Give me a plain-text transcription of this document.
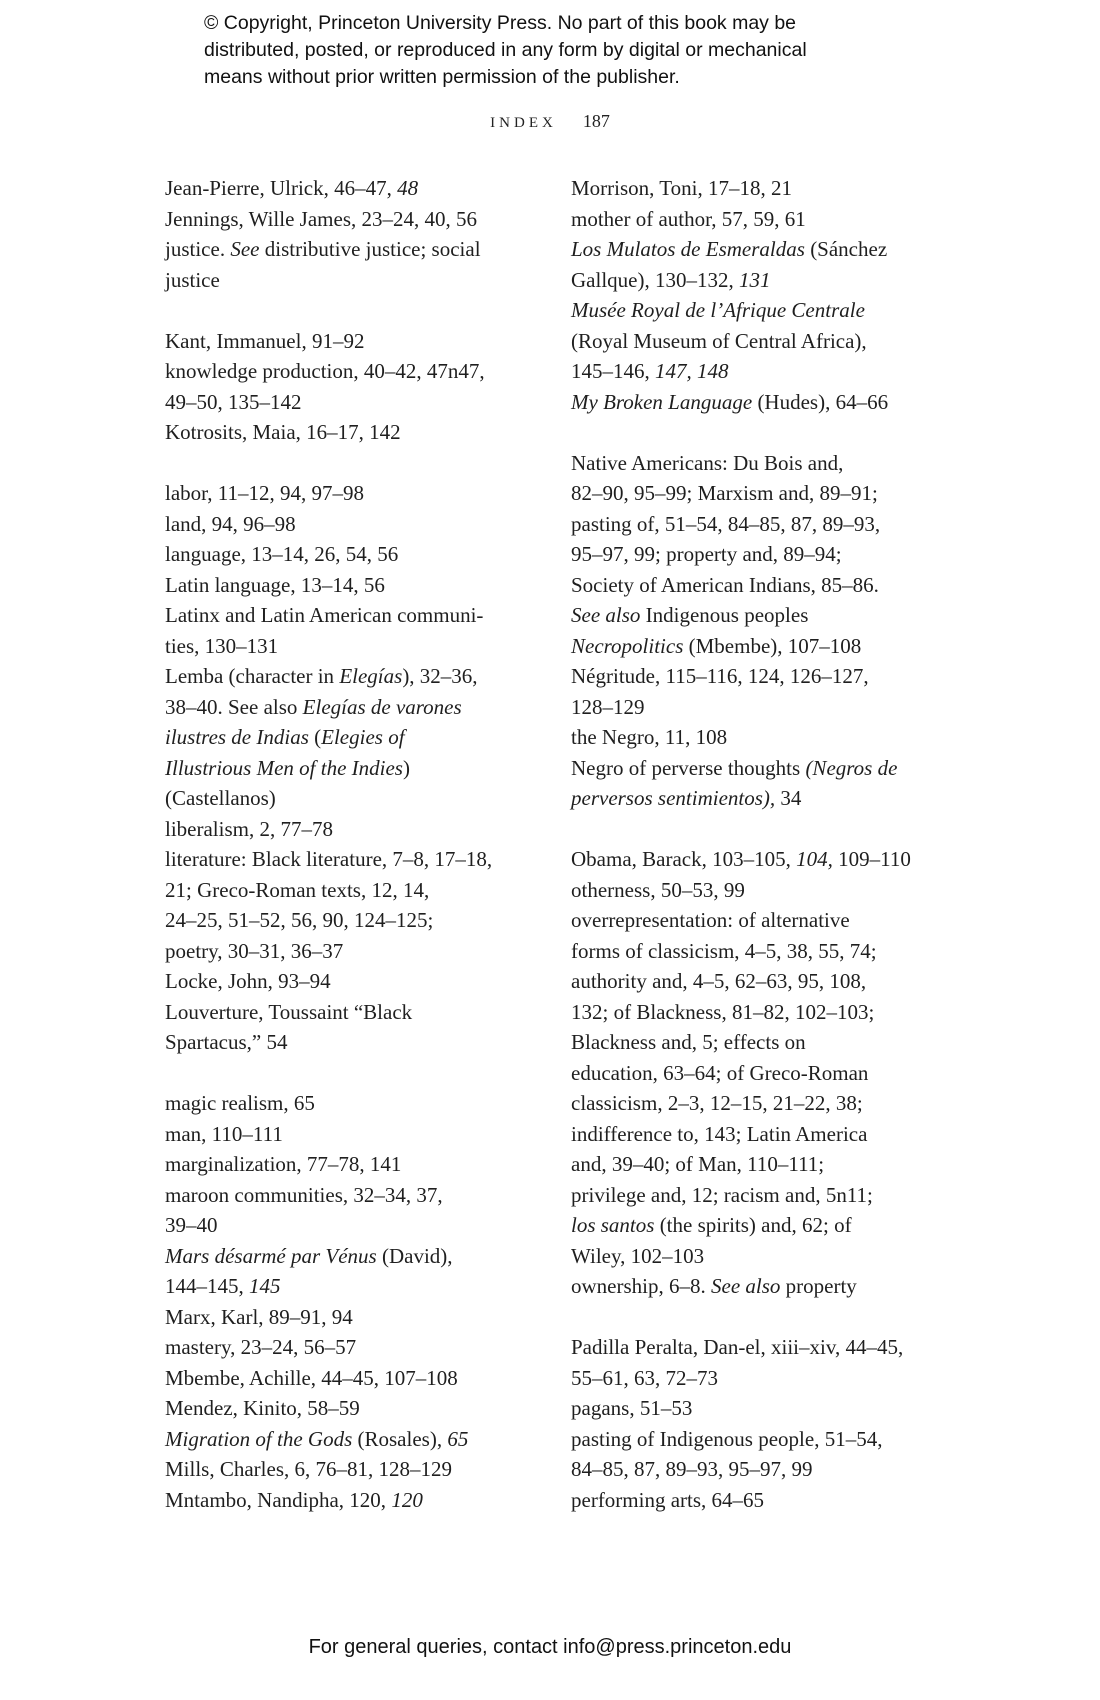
© Copyright, Princeton University Press. No part of this book may be
distributed, posted, or reproduced in any form by digital or mechanical
means without prior written permission of the publisher.
INDEX 187
Jean-Pierre, Ulrick, 46–47, 48
Jennings, Wille James, 23–24, 40, 56
justice. See distributive justice; social
justice
Kant, Immanuel, 91–92
knowledge production, 40–42, 47n47,
49–50, 135–142
Kotrosits, Maia, 16–17, 142
labor, 11–12, 94, 97–98
land, 94, 96–98
language, 13–14, 26, 54, 56
Latin language, 13–14, 56
Latinx and Latin American communi-
ties, 130–131
Lemba (character in Elegías), 32–36,
38–40. See also Elegías de varones
ilustres de Indias (Elegies of
Illustrious Men of the Indies)
(Castellanos)
liberalism, 2, 77–78
literature: Black literature, 7–8, 17–18,
21; Greco-Roman texts, 12, 14,
24–25, 51–52, 56, 90, 124–125;
poetry, 30–31, 36–37
Locke, John, 93–94
Louverture, Toussaint “Black
Spartacus,” 54
magic realism, 65
man, 110–111
marginalization, 77–78, 141
maroon communities, 32–34, 37,
39–40
Mars désarmé par Vénus (David),
144–145, 145
Marx, Karl, 89–91, 94
mastery, 23–24, 56–57
Mbembe, Achille, 44–45, 107–108
Mendez, Kinito, 58–59
Migration of the Gods (Rosales), 65
Mills, Charles, 6, 76–81, 128–129
Mntambo, Nandipha, 120, 120
Morrison, Toni, 17–18, 21
mother of author, 57, 59, 61
Los Mulatos de Esmeraldas (Sánchez
Gallque), 130–132, 131
Musée Royal de l’Afrique Centrale
(Royal Museum of Central Africa),
145–146, 147, 148
My Broken Language (Hudes), 64–66
Native Americans: Du Bois and,
82–90, 95–99; Marxism and, 89–91;
pasting of, 51–54, 84–85, 87, 89–93,
95–97, 99; property and, 89–94;
Society of American Indians, 85–86.
See also Indigenous peoples
Necropolitics (Mbembe), 107–108
Négritude, 115–116, 124, 126–127,
128–129
the Negro, 11, 108
Negro of perverse thoughts (Negros de
perversos sentimientos), 34
Obama, Barack, 103–105, 104, 109–110
otherness, 50–53, 99
overrepresentation: of alternative
forms of classicism, 4–5, 38, 55, 74;
authority and, 4–5, 62–63, 95, 108,
132; of Blackness, 81–82, 102–103;
Blackness and, 5; effects on
education, 63–64; of Greco-Roman
classicism, 2–3, 12–15, 21–22, 38;
indifference to, 143; Latin America
and, 39–40; of Man, 110–111;
privilege and, 12; racism and, 5n11;
los santos (the spirits) and, 62; of
Wiley, 102–103
ownership, 6–8. See also property
Padilla Peralta, Dan-el, xiii–xiv, 44–45,
55–61, 63, 72–73
pagans, 51–53
pasting of Indigenous people, 51–54,
84–85, 87, 89–93, 95–97, 99
performing arts, 64–65
For general queries, contact info@press.princeton.edu
